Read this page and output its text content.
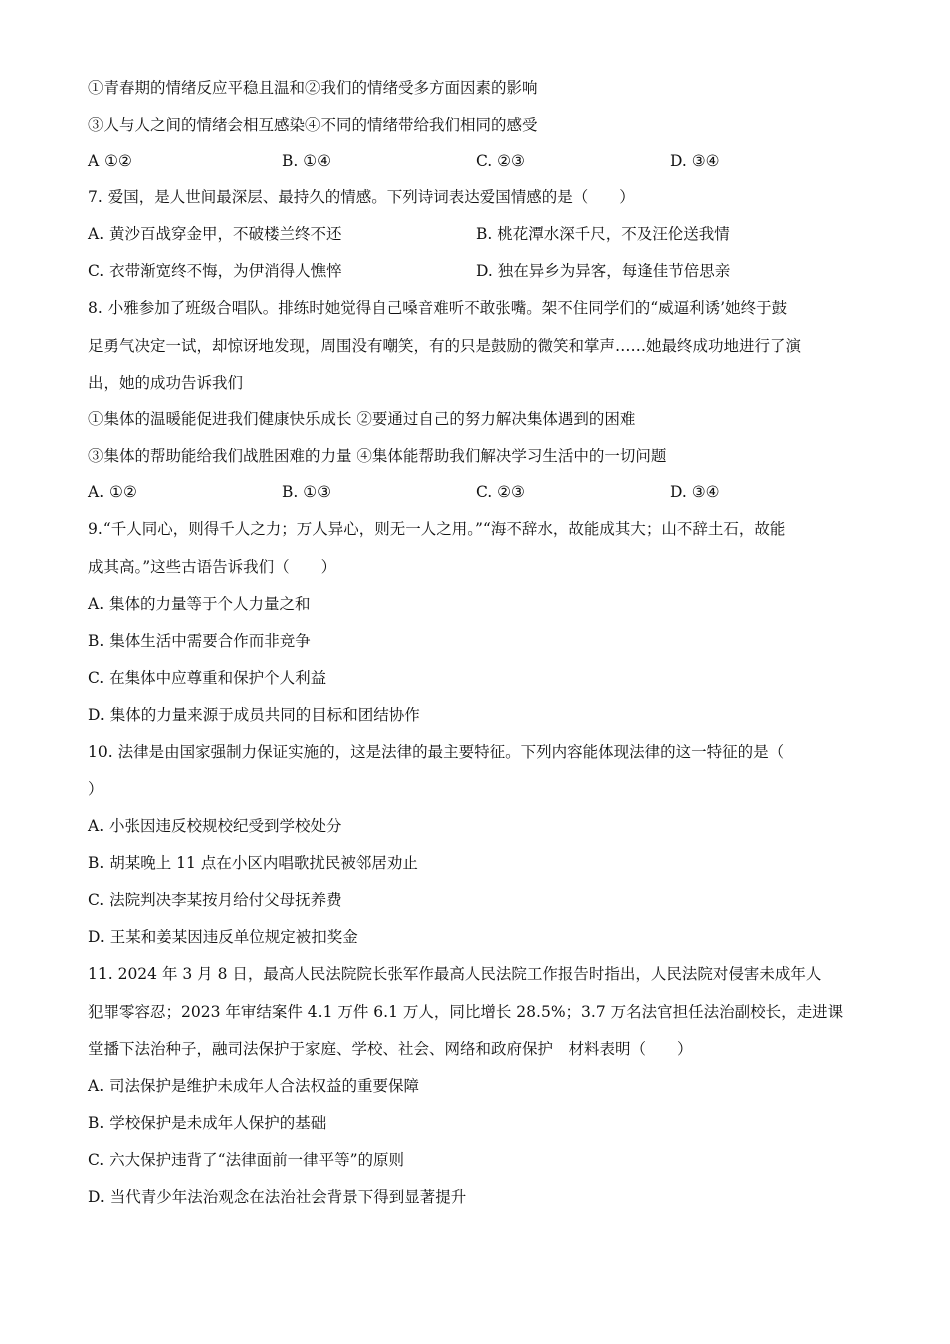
①青春期的情绪反应平稳且温和②我们的情绪受多方面因素的影响
③人与人之间的情绪会相互感染④不同的情绪带给我们相同的感受
A ①②	B. ①④	C. ②③	D. ③④
7. 爱国，是人世间最深层、最持久的情感。下列诗词表达爱国情感的是（　　）
A. 黄沙百战穿金甲，不破楼兰终不还	B. 桃花潭水深千尺，不及汪伦送我情
C. 衣带渐宽终不悔，为伊消得人憔悴	D. 独在异乡为异客，每逢佳节倍思亲
8. 小雅参加了班级合唱队。排练时她觉得自己嗓音难听不敢张嘴。架不住同学们的“威逼利诱’她终于鼓
足勇气决定一试，却惊讶地发现，周围没有嘲笑，有的只是鼓励的微笑和掌声……她最终成功地进行了演
出，她的成功告诉我们
①集体的温暖能促进我们健康快乐成长 ②要通过自己的努力解决集体遇到的困难
③集体的帮助能给我们战胜困难的力量 ④集体能帮助我们解决学习生活中的一切问题
A. ①②	B. ①③	C. ②③	D. ③④
9.“千人同心，则得千人之力；万人异心，则无一人之用。”“海不辞水，故能成其大；山不辞土石，故能
成其高。”这些古语告诉我们（　　）
A. 集体的力量等于个人力量之和
B. 集体生活中需要合作而非竞争
C. 在集体中应尊重和保护个人利益
D. 集体的力量来源于成员共同的目标和团结协作
10. 法律是由国家强制力保证实施的，这是法律的最主要特征。下列内容能体现法律的这一特征的是（
）
A. 小张因违反校规校纪受到学校处分
B. 胡某晚上 11 点在小区内唱歌扰民被邻居劝止
C. 法院判决李某按月给付父母抚养费
D. 王某和姜某因违反单位规定被扣奖金
11. 2024 年 3 月 8 日，最高人民法院院长张军作最高人民法院工作报告时指出，人民法院对侵害未成年人
犯罪零容忍；2023 年审结案件 4.1 万件 6.1 万人，同比增长 28.5%；3.7 万名法官担任法治副校长，走进课
堂播下法治种子，融司法保护于家庭、学校、社会、网络和政府保护　材料表明（　　）
A. 司法保护是维护未成年人合法权益的重要保障
B. 学校保护是未成年人保护的基础
C. 六大保护违背了“法律面前一律平等”的原则
D. 当代青少年法治观念在法治社会背景下得到显著提升
